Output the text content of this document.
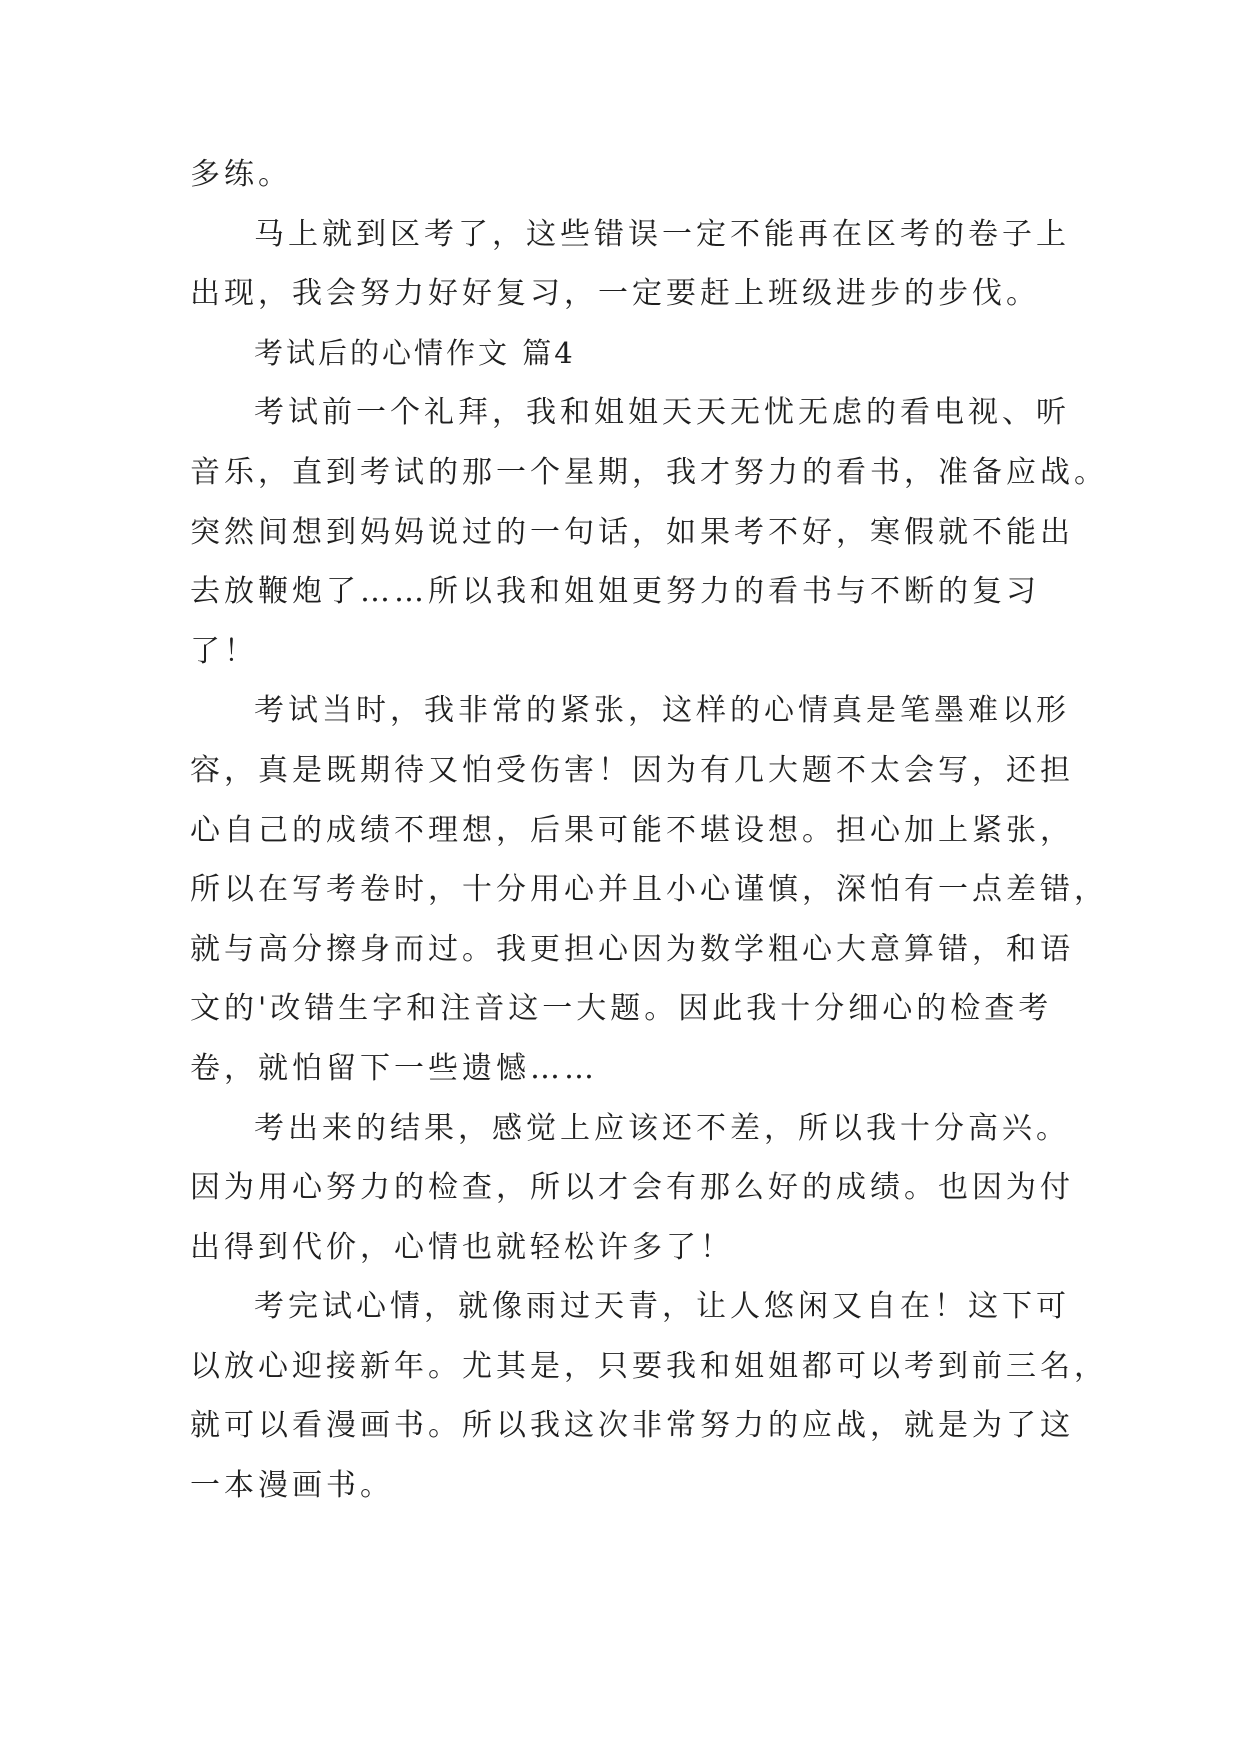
多练。
马上就到区考了，这些错误一定不能再在区考的卷子上
出现，我会努力好好复习，一定要赶上班级进步的步伐。
考试后的心情作文 篇4
考试前一个礼拜，我和姐姐天天无忧无虑的看电视、听
音乐，直到考试的那一个星期，我才努力的看书，准备应战。
突然间想到妈妈说过的一句话，如果考不好，寒假就不能出
去放鞭炮了……所以我和姐姐更努力的看书与不断的复习
了！
考试当时，我非常的紧张，这样的心情真是笔墨难以形
容，真是既期待又怕受伤害！因为有几大题不太会写，还担
心自己的成绩不理想，后果可能不堪设想。担心加上紧张，
所以在写考卷时，十分用心并且小心谨慎，深怕有一点差错，
就与高分擦身而过。我更担心因为数学粗心大意算错，和语
文的'改错生字和注音这一大题。因此我十分细心的检查考
卷，就怕留下一些遗憾……
考出来的结果，感觉上应该还不差，所以我十分高兴。
因为用心努力的检查，所以才会有那么好的成绩。也因为付
出得到代价，心情也就轻松许多了！
考完试心情，就像雨过天青，让人悠闲又自在！这下可
以放心迎接新年。尤其是，只要我和姐姐都可以考到前三名，
就可以看漫画书。所以我这次非常努力的应战，就是为了这
一本漫画书。
